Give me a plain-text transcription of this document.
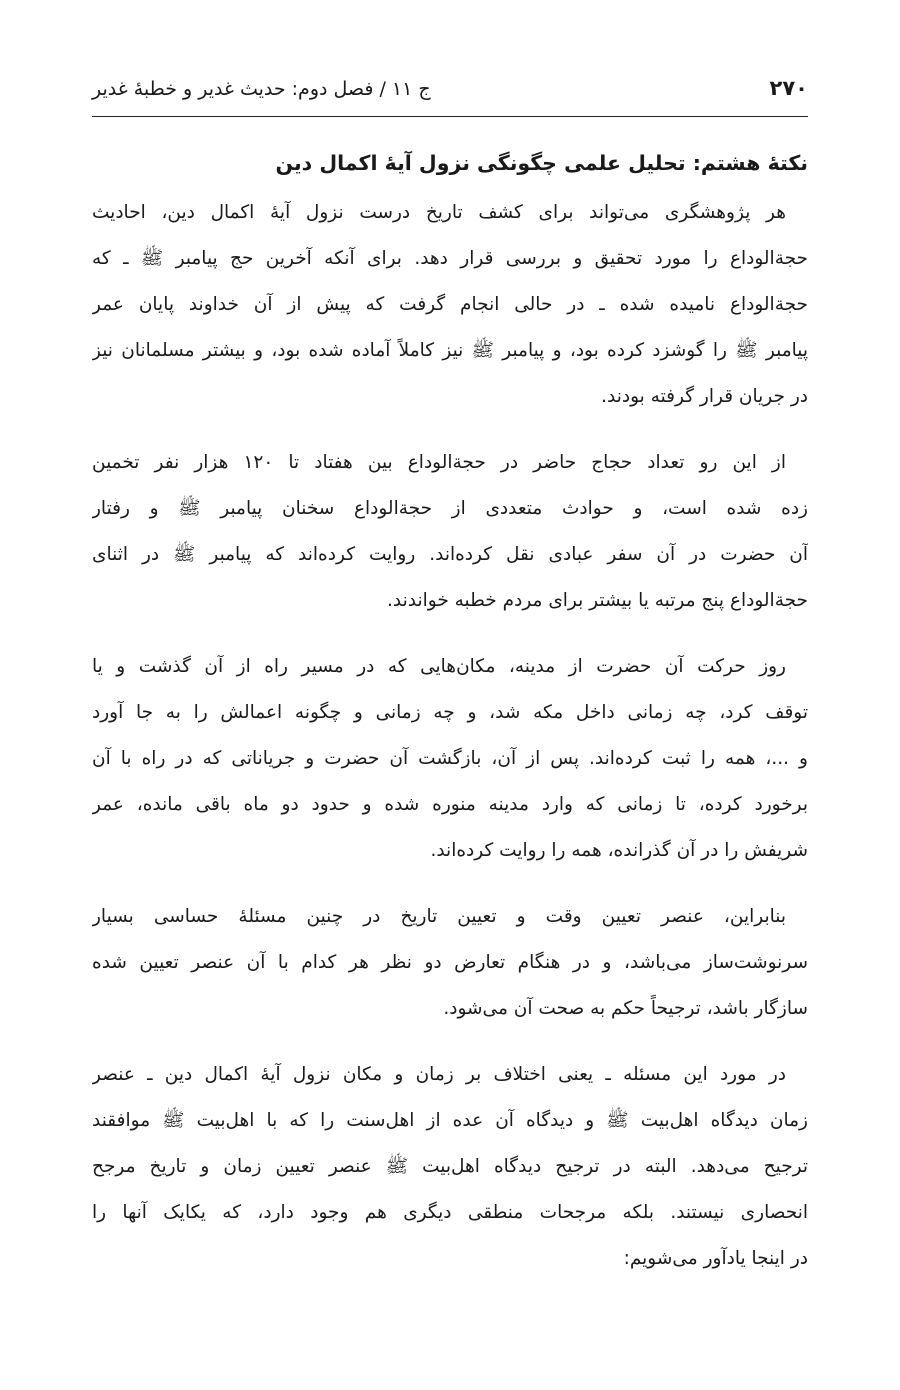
۲۷۰
ج ۱۱ / فصل دوم: حدیث غدیر و خطبهٔ غدیر
نکتهٔ هشتم: تحلیل علمی چگونگی نزول آیهٔ اکمال دین
هر پژوهشگری می‌تواند برای کشف تاریخ درست نزول آیهٔ اکمال دین، احادیث
حجة‌الوداع را مورد تحقیق و بررسی قرار دهد. برای آنکه آخرین حج پیامبر ﷺ ـ که
حجة‌الوداع نامیده شده ـ در حالی انجام گرفت که پیش از آن خداوند پایان عمر
پیامبر ﷺ را گوشزد کرده بود، و پیامبر ﷺ نیز کاملاً آماده شده بود، و بیشتر مسلمانان نیز
در جریان قرار گرفته بودند.
از این رو تعداد حجاج حاضر در حجة‌الوداع بین هفتاد تا ۱۲۰ هزار نفر تخمین
زده شده است، و حوادث متعددی از حجة‌الوداع سخنان پیامبر ﷺ و رفتار
آن حضرت در آن سفر عبادی نقل کرده‌اند. روایت کرده‌اند که پیامبر ﷺ در اثنای
حجة‌الوداع پنج مرتبه یا بیشتر برای مردم خطبه خواندند.
روز حرکت آن حضرت از مدینه، مکان‌هایی که در مسیر راه از آن گذشت و یا
توقف کرد، چه زمانی داخل مکه شد، و چه زمانی و چگونه اعمالش را به جا آورد
و ...، همه را ثبت کرده‌اند. پس از آن، بازگشت آن حضرت و جریاناتی که در راه با آن
برخورد کرده، تا زمانی که وارد مدینه منوره شده و حدود دو ماه باقی مانده، عمر
شریفش را در آن گذرانده، همه را روایت کرده‌اند.
بنابراین، عنصر تعیین وقت و تعیین تاریخ در چنین مسئلهٔ حساسی بسیار
سرنوشت‌ساز می‌باشد، و در هنگام تعارض دو نظر هر کدام با آن عنصر تعیین شده
سازگار باشد، ترجیحاً حکم به صحت آن می‌شود.
در مورد این مسئله ـ یعنی اختلاف بر زمان و مکان نزول آیهٔ اکمال دین ـ عنصر
زمان دیدگاه اهل‌بیت ﷺ و دیدگاه آن عده از اهل‌سنت را که با اهل‌بیت ﷺ موافقند
ترجیح می‌دهد. البته در ترجیح دیدگاه اهل‌بیت ﷺ عنصر تعیین زمان و تاریخ مرجح
انحصاری نیستند. بلکه مرجحات منطقی دیگری هم وجود دارد، که یکایک آنها را
در اینجا یادآور می‌شویم:
